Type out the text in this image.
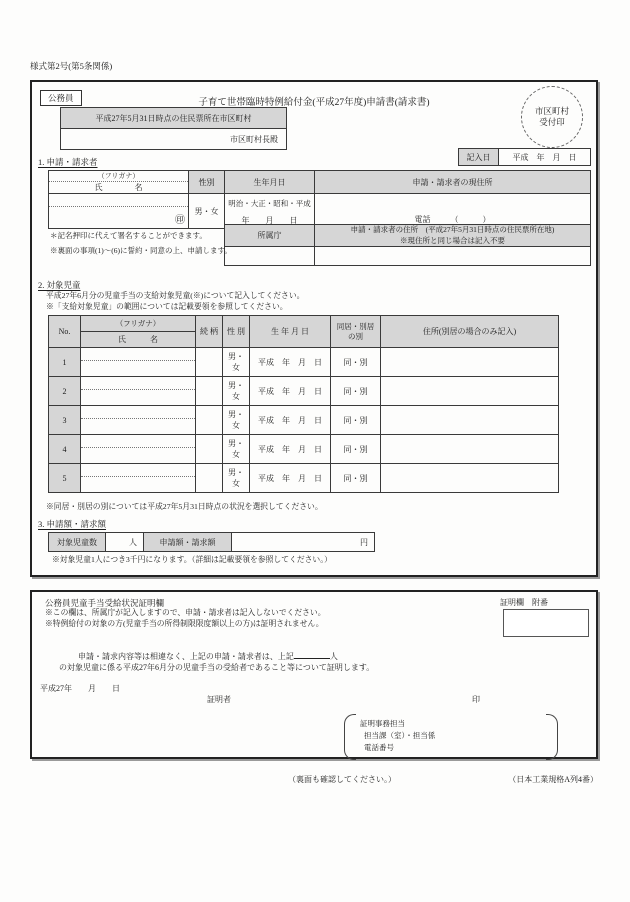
様式第2号(第5条関係)
公務員	子育て世帯臨時特例給付金(平成27年度)申請書(請求書)
市区町村
受付印
平成27年5月31日時点の住民票所在市区町村
市区町村長殿
1. 申請・請求者	記入日	平成　年　月　日
（フリガナ）
氏　　　　名	性別	生年月日	申請・請求者の現住所

㊞	男・女	明治・大正・昭和・平成
年　　月　　日	電話　　　（　　　）
所属庁	申請・請求者の住所　(平成27年5月31日時点の住民票所在地)
※現住所と同じ場合は記入不要

＊記名押印に代えて署名することができます。
※裏面の事項(1)～(6)に誓約・同意の上、申請します。
2. 対象児童
平成27年6月分の児童手当の支給対象児童(※)について記入してください。
※「支給対象児童」の範囲については記載要領を参照してください。
No.	（フリガナ）	続 柄	性 別	生 年 月 日	同居・別居
の別	住所(別居の場合のみ記入)
	氏　　　名					
1			男・女	平成　年　月　日	同・別	
2			男・女	平成　年　月　日	同・別	
3			男・女	平成　年　月　日	同・別	
4			男・女	平成　年　月　日	同・別	
5			男・女	平成　年　月　日	同・別	
※同居・別居の別については平成27年5月31日時点の状況を選択してください。
3. 申請額・請求額
対象児童数	人	申請額・請求額	円
※対象児童1人につき3千円になります。（詳細は記載要領を参照してください。）
公務員児童手当受給状況証明欄
※この欄は、所属庁が記入しますので、申請・請求者は記入しないでください。
※特例給付の対象の方(児童手当の所得制限限度額以上の方)は証明されません。
証明欄　附番
申請・請求内容等は相違なく、上記の申請・請求者は、上記	人
の対象児童に係る平成27年6月分の児童手当の受給者であること等について証明します。
平成27年　　月　　日
証明者	印
証明事務担当
担当課（室）・担当係
電話番号
（裏面も確認してください。）	（日本工業規格A列4番）
